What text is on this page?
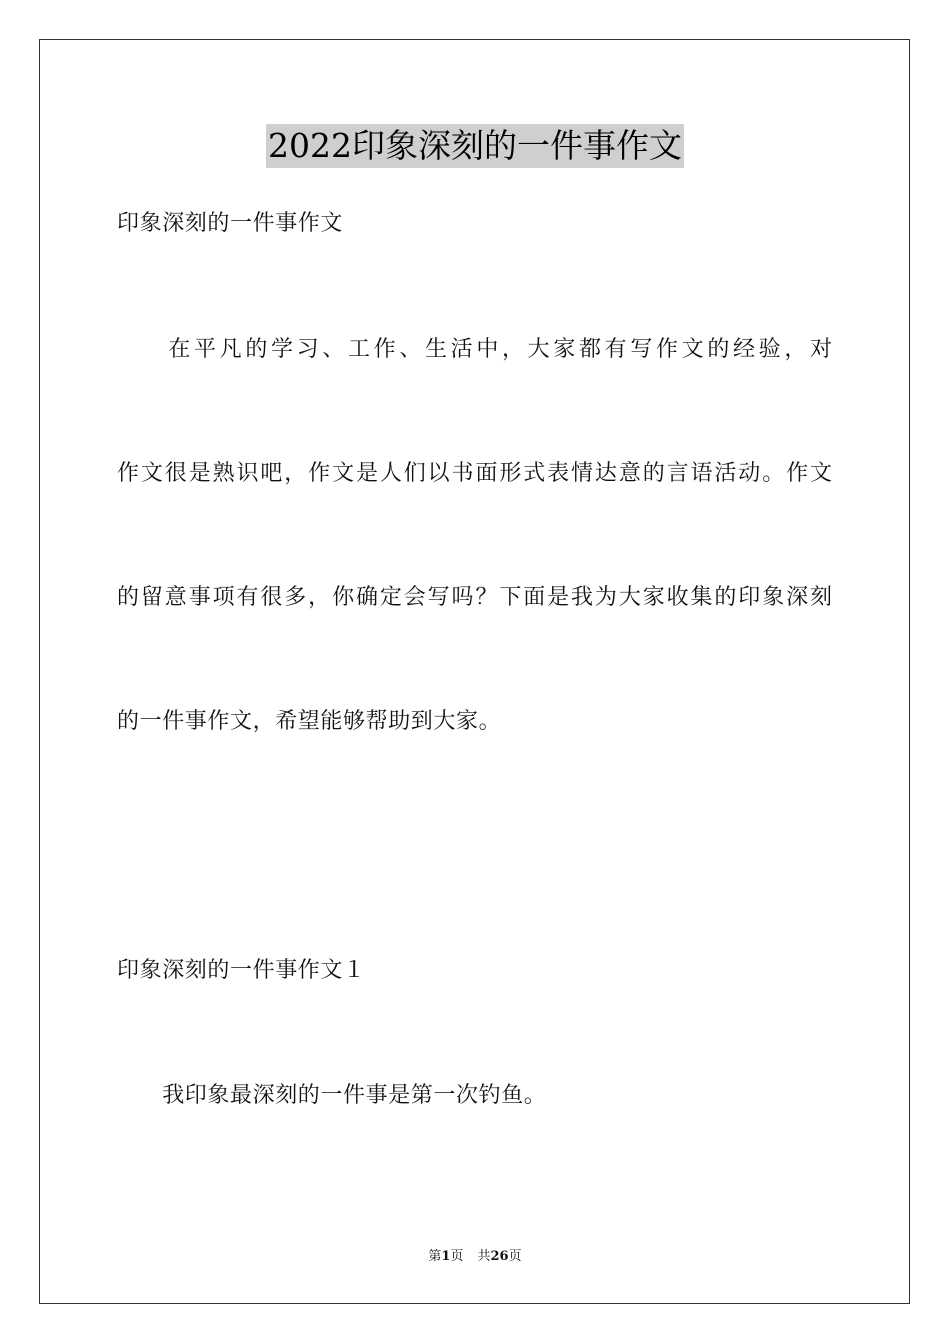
2022印象深刻的一件事作文
印象深刻的一件事作文
　　在平凡的学习、工作、生活中，大家都有写作文的经验，对
作文很是熟识吧，作文是人们以书面形式表情达意的言语活动。作文
的留意事项有很多，你确定会写吗？下面是我为大家收集的印象深刻
的一件事作文，希望能够帮助到大家。
印象深刻的一件事作文１
　　我印象最深刻的一件事是第一次钓鱼。
第1页 共26页
